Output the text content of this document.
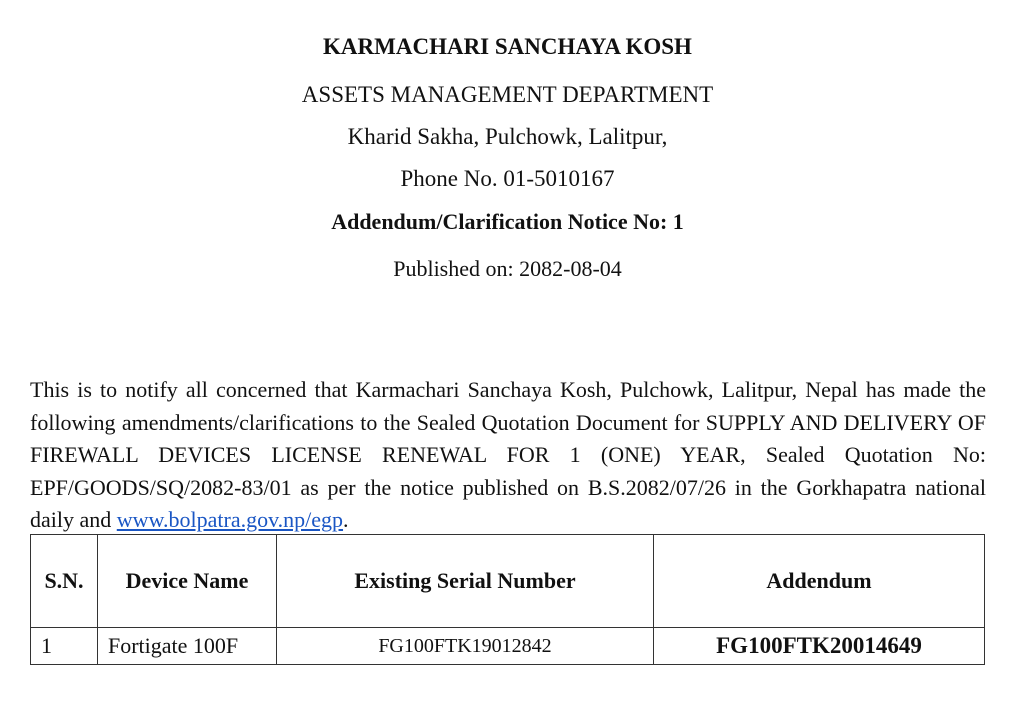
KARMACHARI SANCHAYA KOSH
ASSETS MANAGEMENT DEPARTMENT
Kharid Sakha, Pulchowk, Lalitpur,
Phone No. 01-5010167
Addendum/Clarification Notice No: 1
Published on: 2082-08-04

This is to notify all concerned that Karmachari Sanchaya Kosh, Pulchowk, Lalitpur, Nepal has made the following amendments/clarifications to the Sealed Quotation Document for SUPPLY AND DELIVERY OF FIREWALL DEVICES LICENSE RENEWAL FOR 1 (ONE) YEAR, Sealed Quotation No: EPF/GOODS/SQ/2082-83/01 as per the notice published on B.S.2082/07/26 in the Gorkhapatra national daily and www.bolpatra.gov.np/egp.

S.N.	Device Name	Existing Serial Number	Addendum
1	Fortigate 100F	FG100FTK19012842	FG100FTK20014649
